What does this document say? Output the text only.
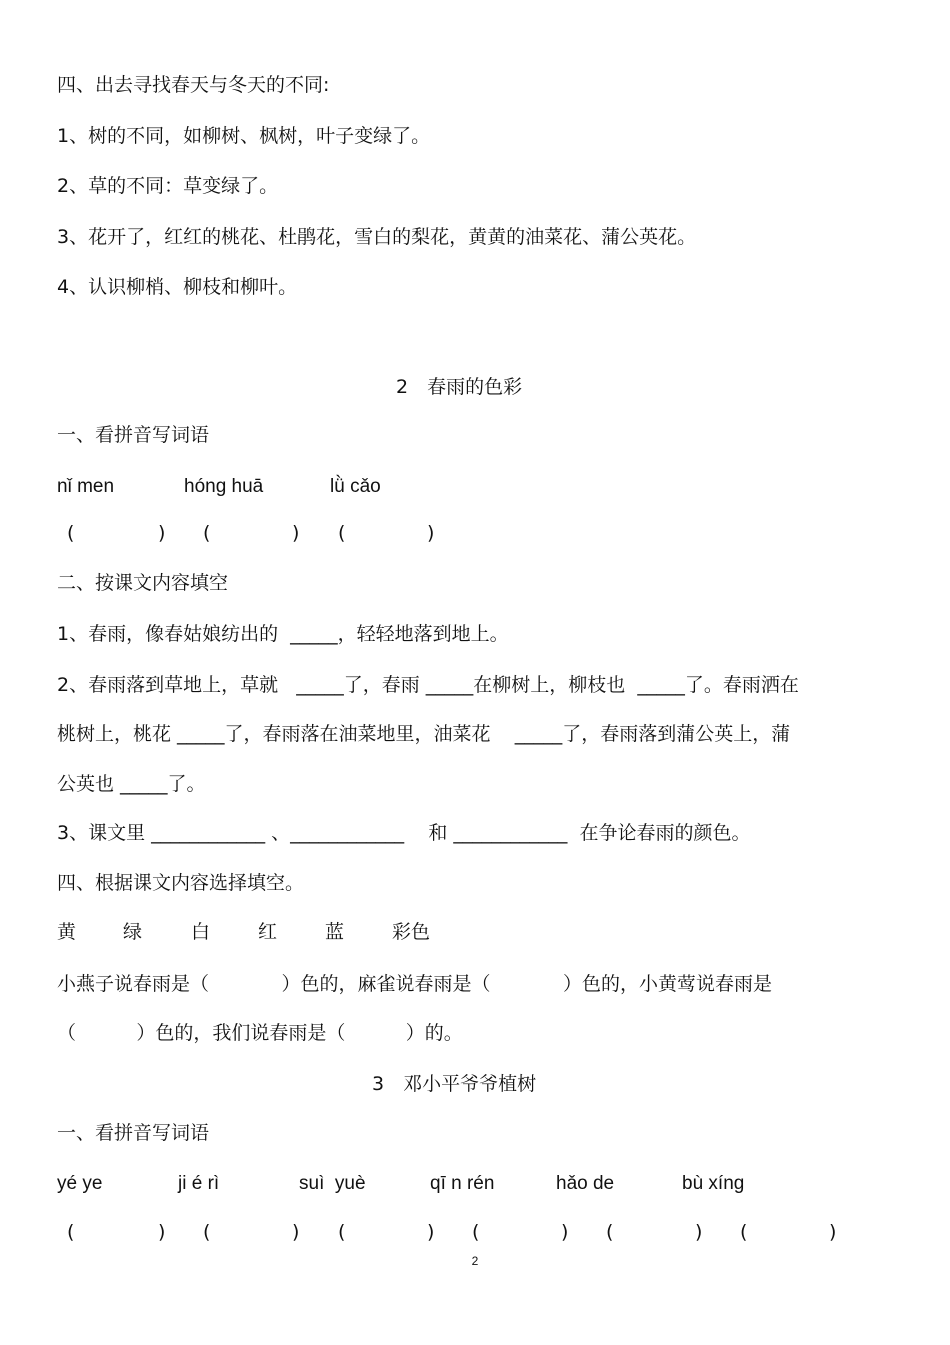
四、出去寻找春天与冬天的不同:
1、树的不同，如柳树、枫树，叶子变绿了。
2、草的不同：草变绿了。
3、花开了，红红的桃花、杜鹃花，雪白的梨花，黄黄的油菜花、蒲公英花。
4、认识柳梢、柳枝和柳叶。
2　春雨的色彩
一、看拼音写词语
nǐ men	hóng huā	lǜ cǎo
(	) (	) (	)
二、按课文内容填空
1、春雨，像春姑娘纺出的  _____，轻轻地落到地上。
2、春雨落到草地上，草就   _____了，春雨 _____在柳树上，柳枝也  _____了。春雨洒在
桃树上，桃花 _____了，春雨落在油菜地里，油菜花    _____了，春雨落到蒲公英上，蒲
公英也 _____了。
3、课文里 ____________ 、____________    和 ____________  在争论春雨的颜色。
四、根据课文内容选择填空。
黄 绿	白	红	蓝	彩色
小燕子说春雨是（            ）色的，麻雀说春雨是（            ）色的，小黄莺说春雨是
（          ）色的，我们说春雨是（          ）的。
3　邓小平爷爷植树
一、看拼音写词语
yé ye	ji é rì	suì  yuè	qī n rén	hǎo de	bù xíng
(	) (	) (	) (	) (	) (	)
2
